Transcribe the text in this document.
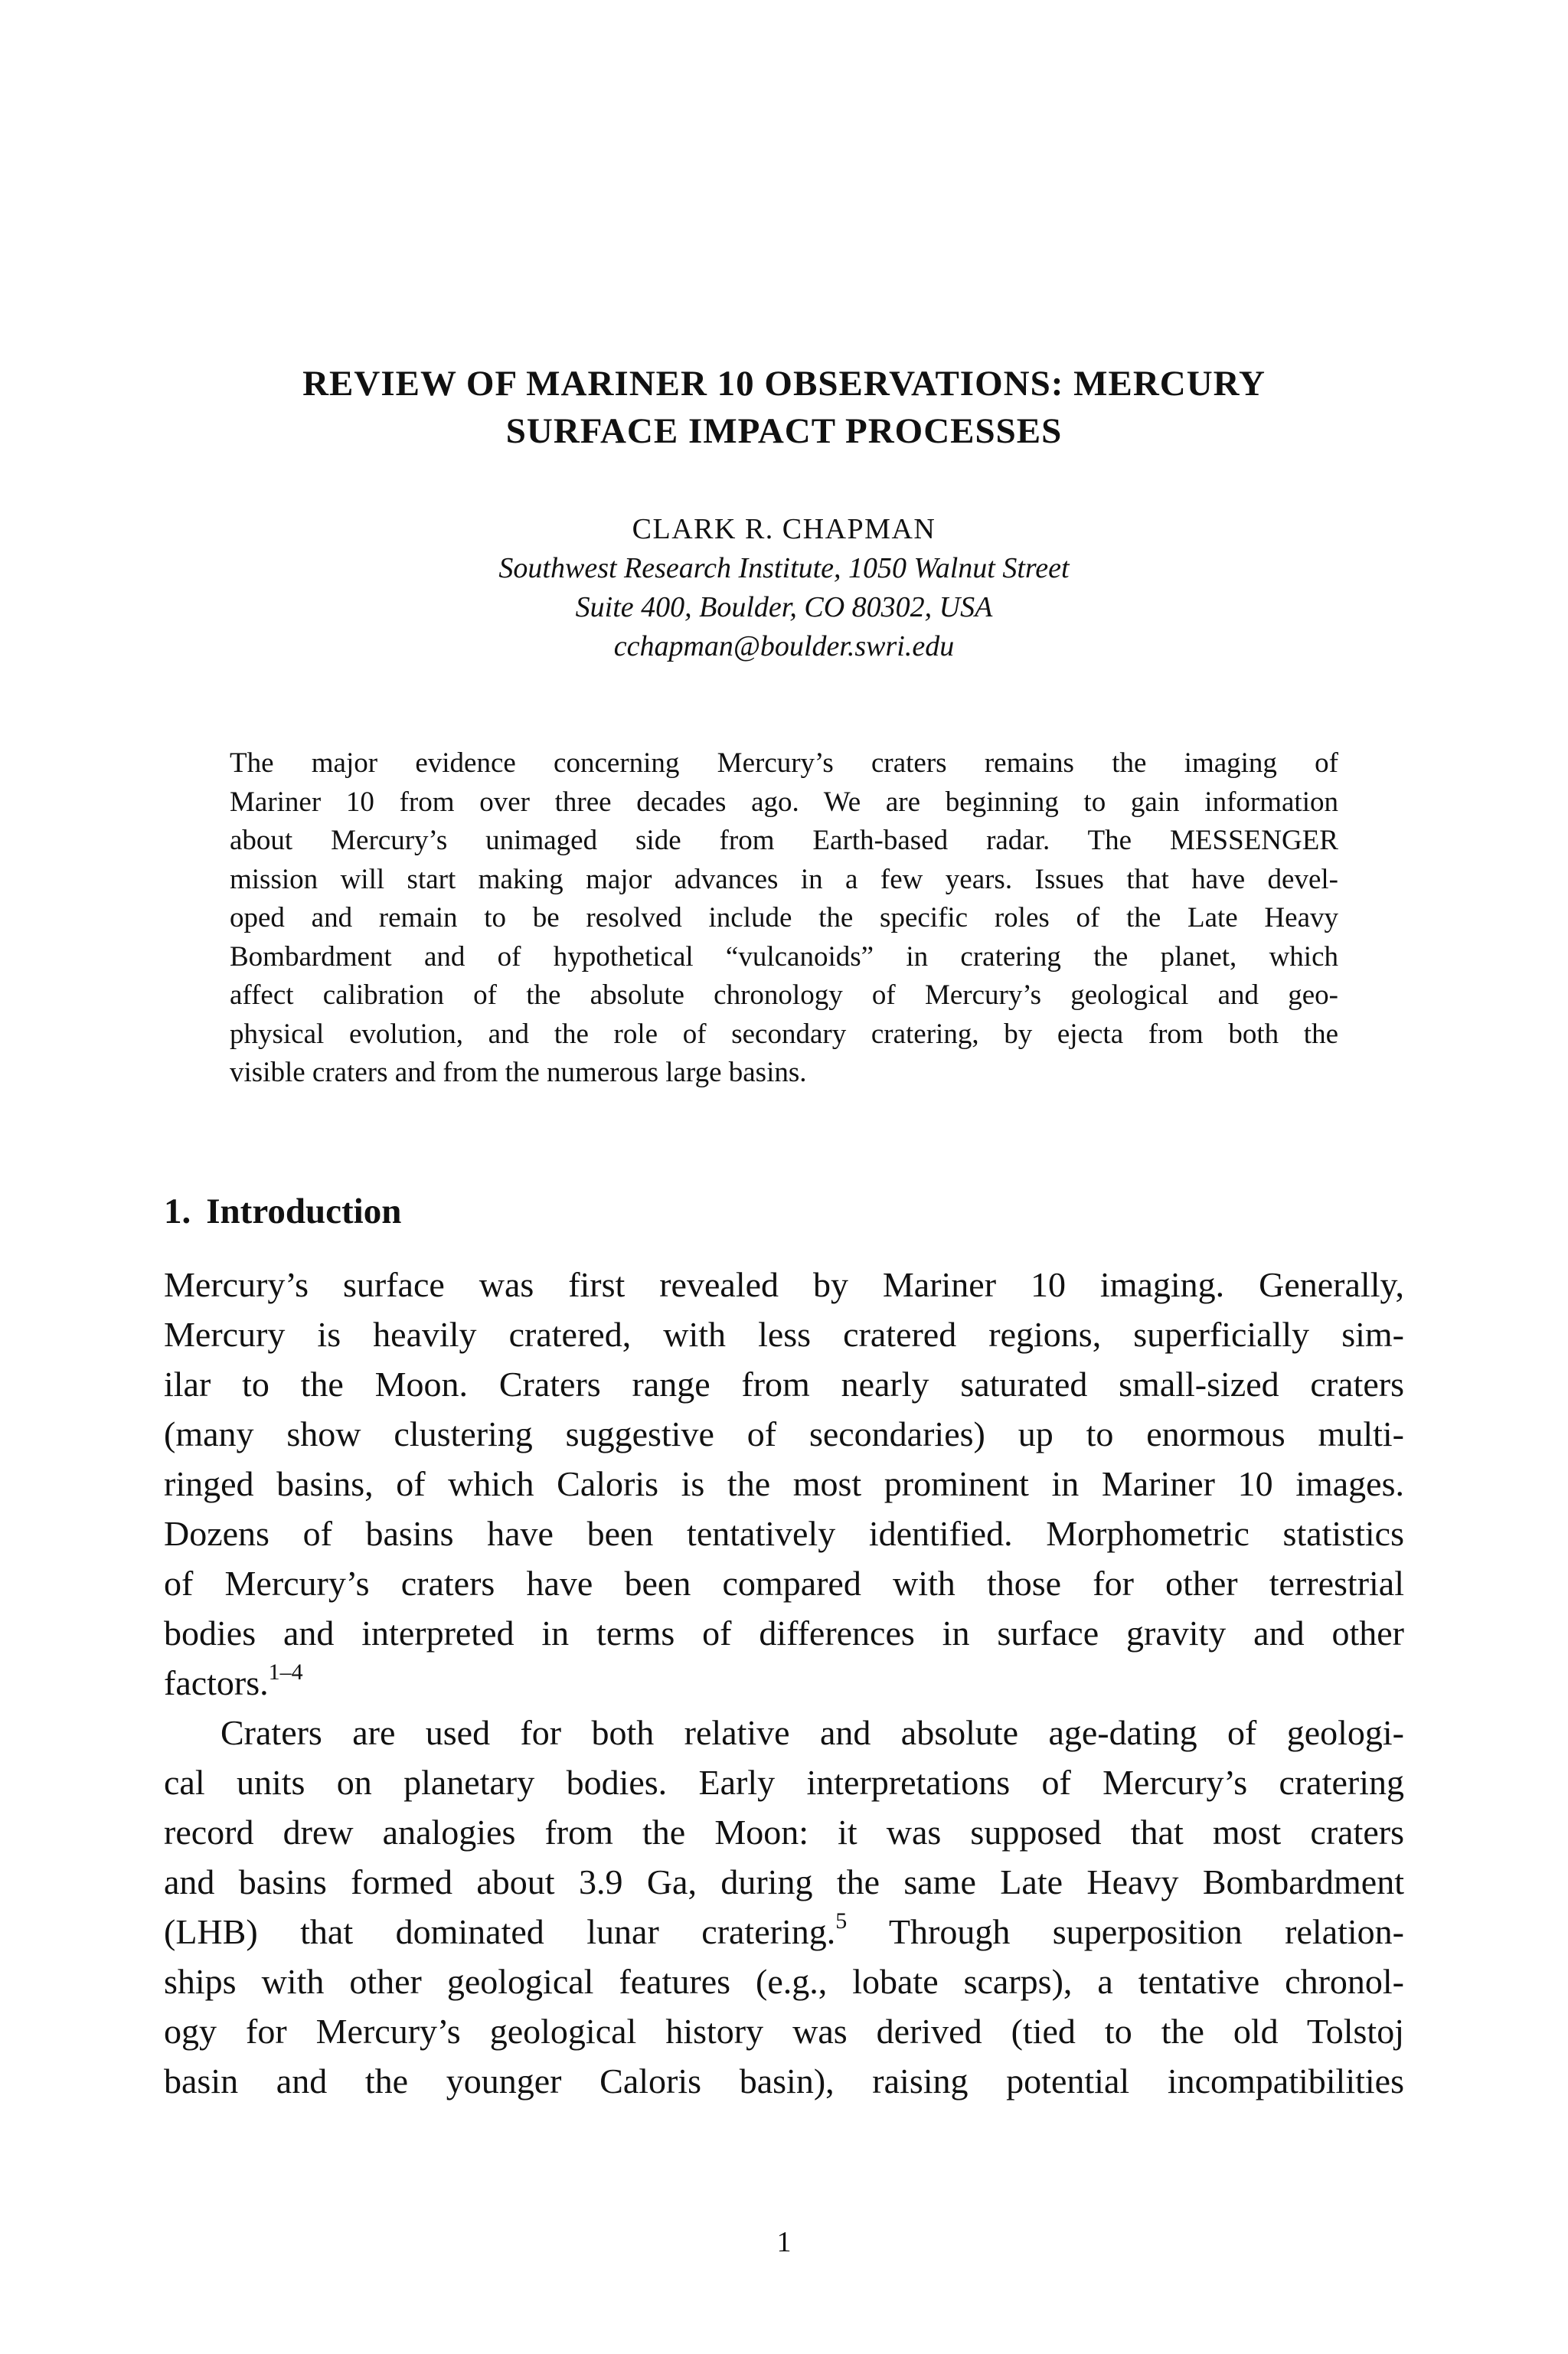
REVIEW OF MARINER 10 OBSERVATIONS: MERCURY
SURFACE IMPACT PROCESSES
CLARK R. CHAPMAN
Southwest Research Institute, 1050 Walnut Street
Suite 400, Boulder, CO 80302, USA
cchapman@boulder.swri.edu
The major evidence concerning Mercury’s craters remains the imaging of
Mariner 10 from over three decades ago. We are beginning to gain information
about Mercury’s unimaged side from Earth-based radar. The MESSENGER
mission will start making major advances in a few years. Issues that have devel-
oped and remain to be resolved include the specific roles of the Late Heavy
Bombardment and of hypothetical “vulcanoids” in cratering the planet, which
affect calibration of the absolute chronology of Mercury’s geological and geo-
physical evolution, and the role of secondary cratering, by ejecta from both the
visible craters and from the numerous large basins.
1. Introduction
Mercury’s surface was first revealed by Mariner 10 imaging. Generally,
Mercury is heavily cratered, with less cratered regions, superficially sim-
ilar to the Moon. Craters range from nearly saturated small-sized craters
(many show clustering suggestive of secondaries) up to enormous multi-
ringed basins, of which Caloris is the most prominent in Mariner 10 images.
Dozens of basins have been tentatively identified. Morphometric statistics
of Mercury’s craters have been compared with those for other terrestrial
bodies and interpreted in terms of differences in surface gravity and other
factors.$^{1-4}$
Craters are used for both relative and absolute age-dating of geologi-
cal units on planetary bodies. Early interpretations of Mercury’s cratering
record drew analogies from the Moon: it was supposed that most craters
and basins formed about 3.9 Ga, during the same Late Heavy Bombardment
(LHB) that dominated lunar cratering.$^5$ Through superposition relation-
ships with other geological features (e.g., lobate scarps), a tentative chronol-
ogy for Mercury’s geological history was derived (tied to the old Tolstoj
basin and the younger Caloris basin), raising potential incompatibilities
1
